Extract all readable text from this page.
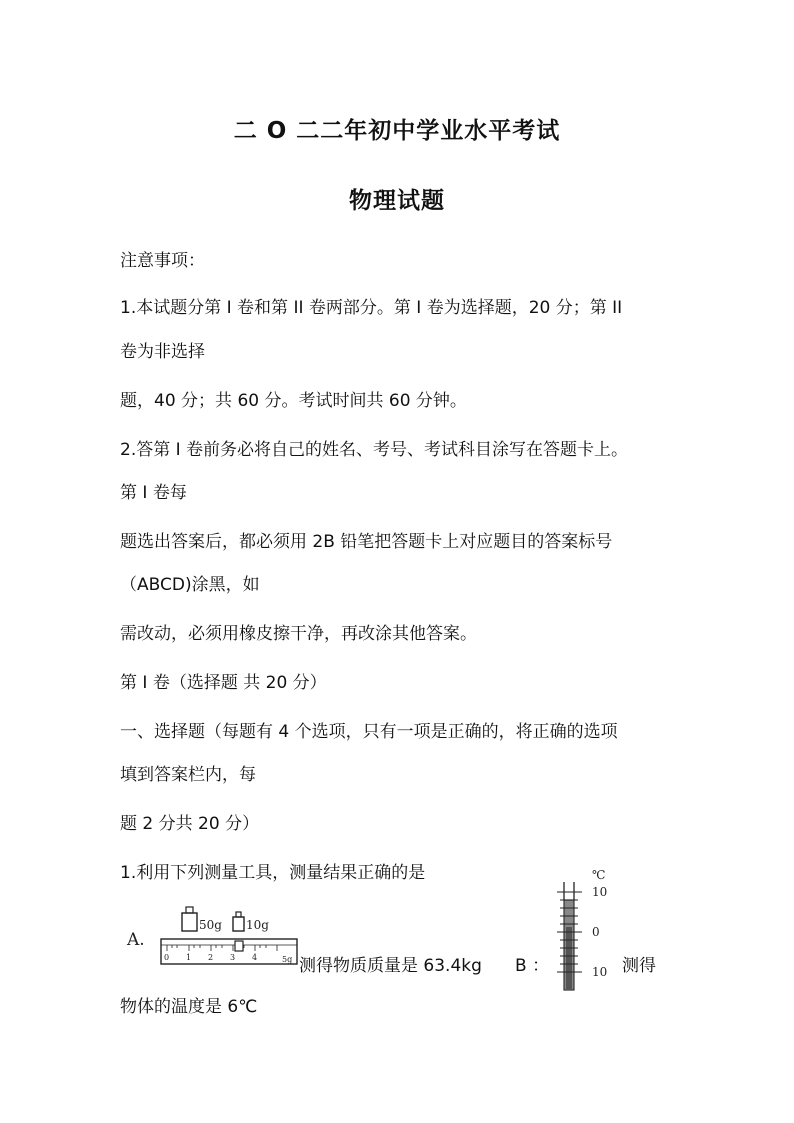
二 O 二二年初中学业水平考试
物理试题
注意事项：
1.本试题分第 I 卷和第 II 卷两部分。第 I 卷为选择题，20 分；第 II
卷为非选择
题，40 分；共 60 分。考试时间共 60 分钟。
2.答第 I 卷前务必将自己的姓名、考号、考试科目涂写在答题卡上。
第 I 卷每
题选出答案后，都必须用 2B 铅笔把答题卡上对应题目的答案标号
（ABCD)涂黑，如
需改动，必须用橡皮擦干净，再改涂其他答案。
第 I 卷（选择题 共 20 分）
一、选择题（每题有 4 个选项，只有一项是正确的，将正确的选项
填到答案栏内，每
题 2 分共 20 分）
1.利用下列测量工具，测量结果正确的是
A.
50g 10g
0 1 2 3 4	5g 测得物质质量是 63.4kg B ：
℃
10
0
10 测得
物体的温度是 6℃
